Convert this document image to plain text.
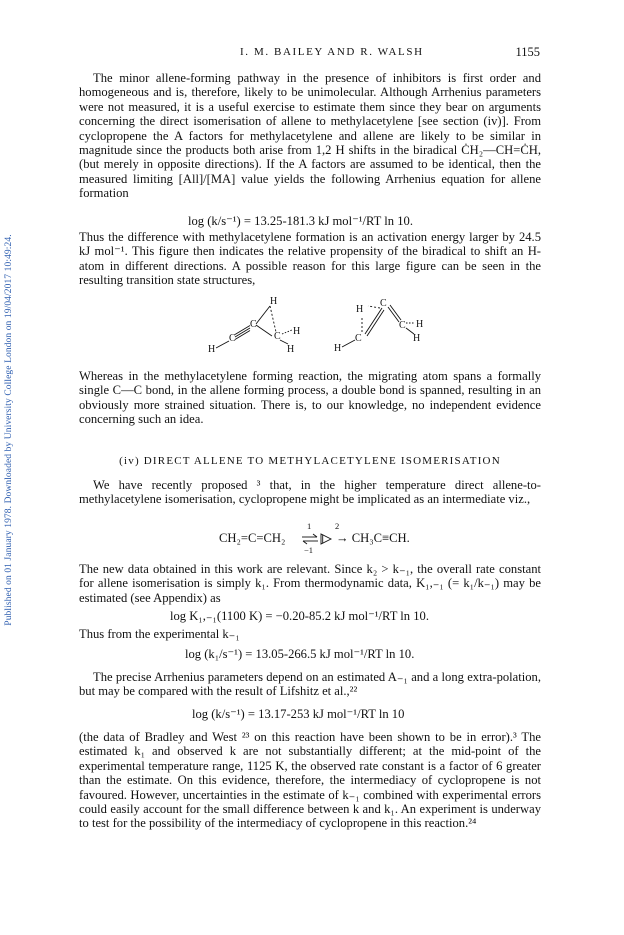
Published on 01 January 1978. Downloaded by University College London on 19/04/2017 10:49:24.
I. M. BAILEY AND R. WALSH	1155

The minor allene-forming pathway in the presence of inhibitors is first order and homogeneous and is, therefore, likely to be unimolecular. Although Arrhenius parameters were not measured, it is a useful exercise to estimate them since they bear on arguments concerning the direct isomerisation of allene to methylacetylene [see section (iv)]. From cyclopropene the A factors for methylacetylene and allene are likely to be similar in magnitude since the products both arise from 1,2 H shifts in the biradical ĊH₂—CH=ĊH, (but merely in opposite directions). If the A factors are assumed to be identical, then the measured limiting [All]/[MA] value yields the following Arrhenius equation for allene formation

log (k/s⁻¹) = 13.25-181.3 kJ mol⁻¹/RT ln 10.

Thus the difference with methylacetylene formation is an activation energy larger by 24.5 kJ mol⁻¹. This figure then indicates the relative propensity of the biradical to shift an H-atom in different directions. A possible reason for this large figure can be seen in the resulting transition state structures,

H
C
C
H
C H
H	H
C
H
C
C H
H

Whereas in the methylacetylene forming reaction, the migrating atom spans a formally single C—C bond, in the allene forming process, a double bond is spanned, resulting in an obviously more strained situation. There is, to our knowledge, no independent evidence concerning such an idea.

(iv) DIRECT ALLENE TO METHYLACETYLENE ISOMERISATION

We have recently proposed ³ that, in the higher temperature direct allene-to-methylacetylene isomerisation, cyclopropene might be implicated as an intermediate viz.,

CH₂=C=CH₂
1	2
−1
→ CH₃C≡CH.

The new data obtained in this work are relevant. Since k₂ > k₋₁, the overall rate constant for allene isomerisation is simply k₁. From thermodynamic data, K₁,₋₁ (= k₁/k₋₁) may be estimated (see Appendix) as

log K₁,₋₁(1100 K) = −0.20-85.2 kJ mol⁻¹/RT ln 10.

Thus from the experimental k₋₁

log (k₁/s⁻¹) = 13.05-266.5 kJ mol⁻¹/RT ln 10.

The precise Arrhenius parameters depend on an estimated A₋₁ and a long extra-polation, but may be compared with the result of Lifshitz et al.,²²

log (k/s⁻¹) = 13.17-253 kJ mol⁻¹/RT ln 10

(the data of Bradley and West ²³ on this reaction have been shown to be in error).³ The estimated k₁ and observed k are not substantially different; at the mid-point of the experimental temperature range, 1125 K, the observed rate constant is a factor of 6 greater than the estimate. On this evidence, therefore, the intermediacy of cyclopropene is not favoured. However, uncertainties in the estimate of k₋₁ combined with experimental errors could easily account for the small difference between k and k₁. An experiment is underway to test for the possibility of the intermediacy of cyclopropene in this reaction.²⁴
